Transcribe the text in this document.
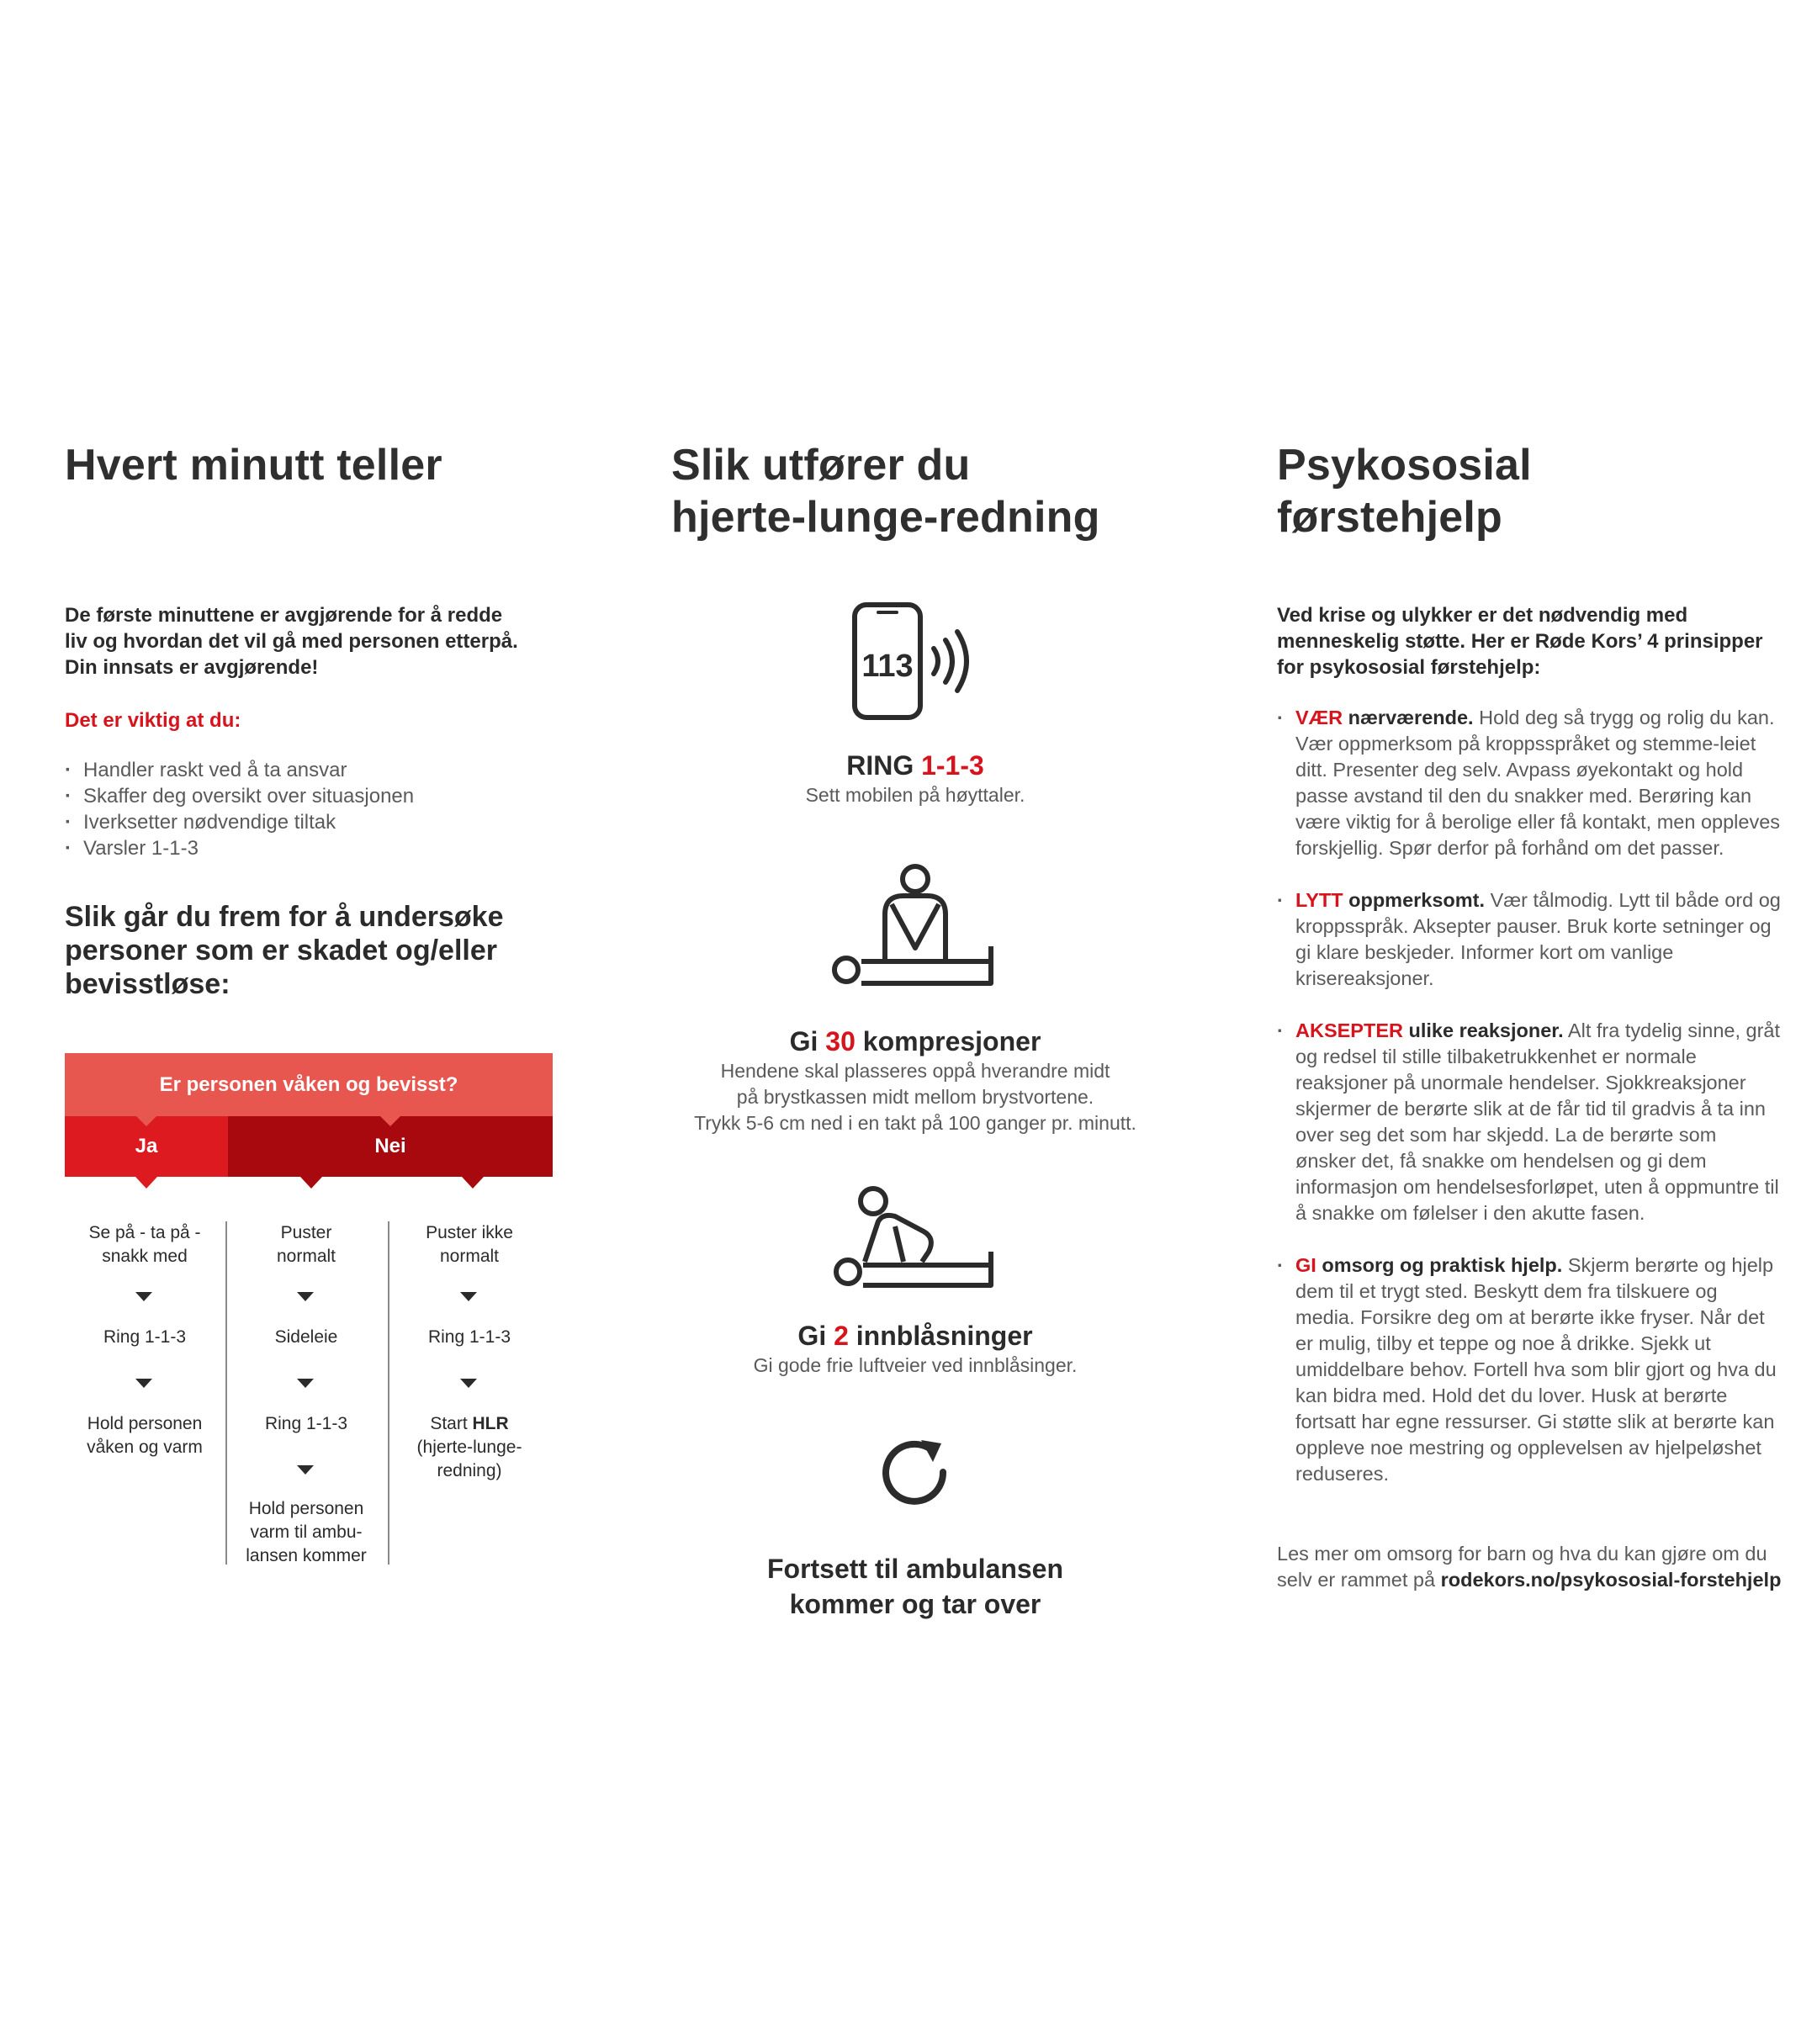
Hvert minutt teller

De første minuttene er avgjørende for å redde
liv og hvordan det vil gå med personen etterpå.
Din innsats er avgjørende!

Det er viktig at du:

· Handler raskt ved å ta ansvar
· Skaffer deg oversikt over situasjonen
· Iverksetter nødvendige tiltak
· Varsler 1-1-3
Slik går du frem for å undersøke
personer som er skadet og/eller
bevisstløse:
Er personen våken og bevisst?
Ja	Nei
Se på - ta på -
snakk med
Ring 1-1-3
Hold personen
våken og varm
Puster
normalt
Sideleie
Ring 1-1-3
Hold personen
varm til ambu-
lansen kommer
Puster ikke
normalt
Ring 1-1-3
Start HLR
(hjerte-lunge-
redning)
Slik utfører du
hjerte-lunge-redning
113

RING 1-1-3

Sett mobilen på høyttaler.

Gi 30 kompresjoner

Hendene skal plasseres oppå hverandre midt
på brystkassen midt mellom brystvortene.
Trykk 5-6 cm ned i en takt på 100 ganger pr. minutt.

Gi 2 innblåsninger

Gi gode frie luftveier ved innblåsinger.

Fortsett til ambulansen
kommer og tar over

Psykososial
førstehjelp

Ved krise og ulykker er det nødvendig med
menneskelig støtte. Her er Røde Kors’ 4 prinsipper
for psykososial førstehjelp:

· VÆR nærværende. Hold deg så trygg og rolig du kan. Vær oppmerksom på kroppsspråket og stemme-leiet ditt. Presenter deg selv. Avpass øyekontakt og hold passe avstand til den du snakker med. Berøring kan være viktig for å berolige eller få kontakt, men oppleves forskjellig. Spør derfor på forhånd om det passer.
· LYTT oppmerksomt. Vær tålmodig. Lytt til både ord og kroppsspråk. Aksepter pauser. Bruk korte setninger og gi klare beskjeder. Informer kort om vanlige krisereaksjoner.
· AKSEPTER ulike reaksjoner. Alt fra tydelig sinne, gråt og redsel til stille tilbaketrukkenhet er normale reaksjoner på unormale hendelser. Sjokkreaksjoner skjermer de berørte slik at de får tid til gradvis å ta inn over seg det som har skjedd. La de berørte som ønsker det, få snakke om hendelsen og gi dem informasjon om hendelsesforløpet, uten å oppmuntre til å snakke om følelser i den akutte fasen.
· GI omsorg og praktisk hjelp. Skjerm berørte og hjelp dem til et trygt sted. Beskytt dem fra tilskuere og media. Forsikre deg om at berørte ikke fryser. Når det er mulig, tilby et teppe og noe å drikke. Sjekk ut umiddelbare behov. Fortell hva som blir gjort og hva du kan bidra med. Hold det du lover. Husk at berørte fortsatt har egne ressurser. Gi støtte slik at berørte kan oppleve noe mestring og opplevelsen av hjelpeløshet reduseres.

Les mer om omsorg for barn og hva du kan gjøre om du selv er rammet på rodekors.no/psykososial-forstehjelp
